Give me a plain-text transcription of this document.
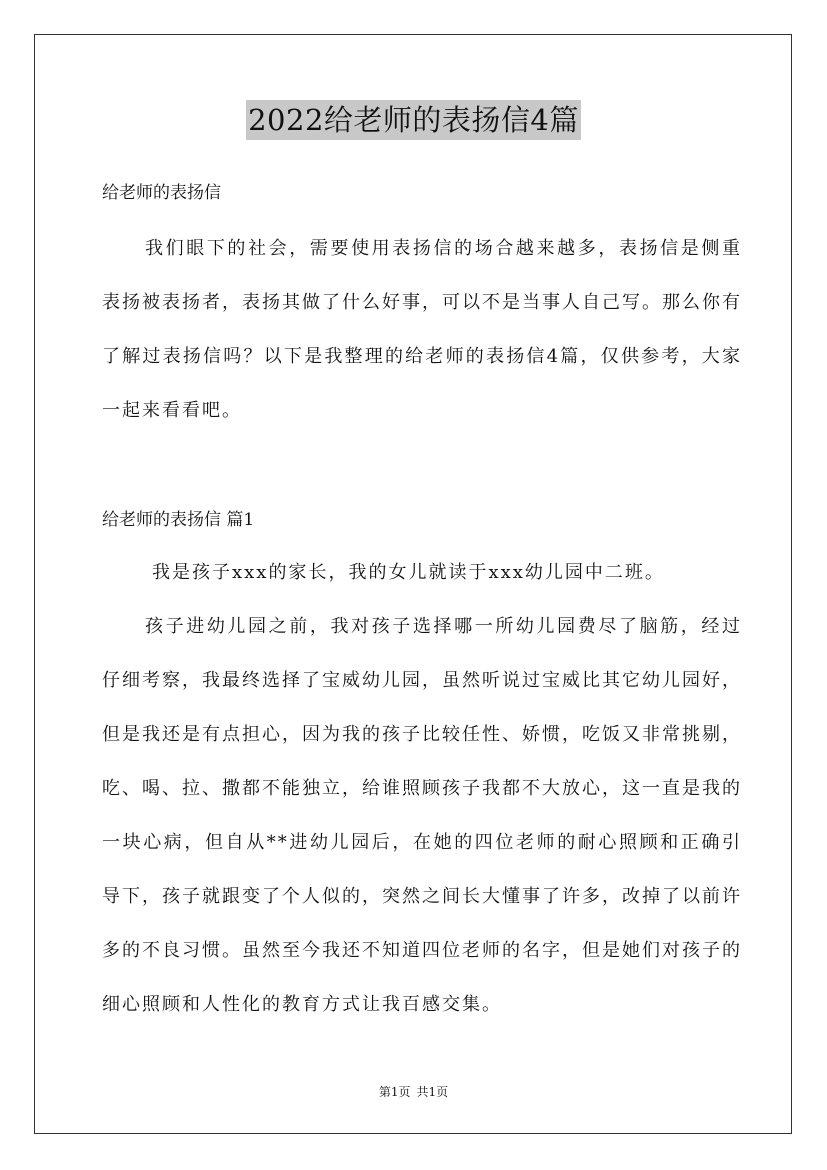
2022给老师的表扬信4篇
给老师的表扬信
我们眼下的社会，需要使用表扬信的场合越来越多，表扬信是侧重表扬被表扬者，表扬其做了什么好事，可以不是当事人自己写。那么你有了解过表扬信吗？以下是我整理的给老师的表扬信4篇，仅供参考，大家一起来看看吧。
给老师的表扬信 篇1
我是孩子xxx的家长，我的女儿就读于xxx幼儿园中二班。
孩子进幼儿园之前，我对孩子选择哪一所幼儿园费尽了脑筋，经过仔细考察，我最终选择了宝威幼儿园，虽然听说过宝威比其它幼儿园好，但是我还是有点担心，因为我的孩子比较任性、娇惯，吃饭又非常挑剔，吃、喝、拉、撒都不能独立，给谁照顾孩子我都不大放心，这一直是我的一块心病，但自从**进幼儿园后，在她的四位老师的耐心照顾和正确引导下，孩子就跟变了个人似的，突然之间长大懂事了许多，改掉了以前许多的不良习惯。虽然至今我还不知道四位老师的名字，但是她们对孩子的细心照顾和人性化的教育方式让我百感交集。
第1页 共1页
